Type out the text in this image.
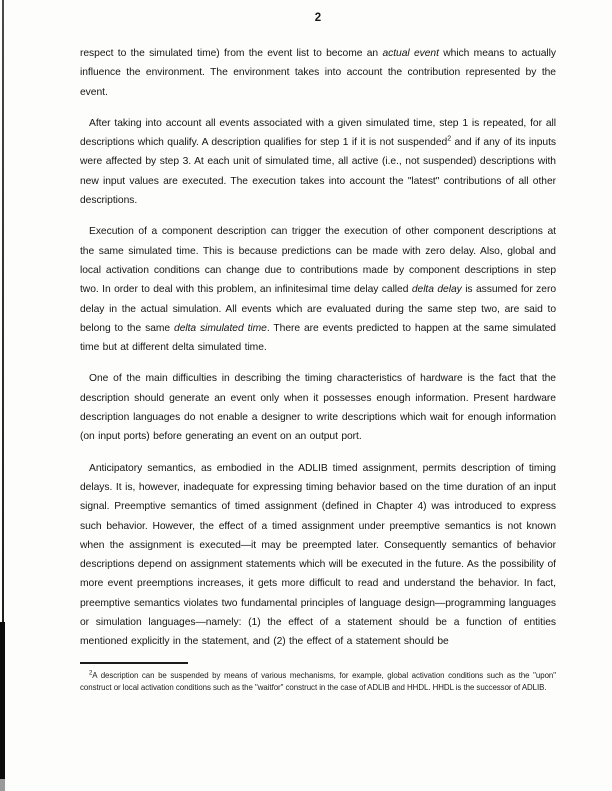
2

respect to the simulated time) from the event list to become an actual event which means to actually influence the environment. The environment takes into account the contribution represented by the event.

After taking into account all events associated with a given simulated time, step 1 is repeated, for all descriptions which qualify. A description qualifies for step 1 if it is not suspended$^2$ and if any of its inputs were affected by step 3. At each unit of simulated time, all active (i.e., not suspended) descriptions with new input values are executed. The execution takes into account the "latest" contributions of all other descriptions.

Execution of a component description can trigger the execution of other component descriptions at the same simulated time. This is because predictions can be made with zero delay. Also, global and local activation conditions can change due to contributions made by component descriptions in step two. In order to deal with this problem, an infinitesimal time delay called delta delay is assumed for zero delay in the actual simulation. All events which are evaluated during the same step two, are said to belong to the same delta simulated time. There are events predicted to happen at the same simulated time but at different delta simulated time.

One of the main difficulties in describing the timing characteristics of hardware is the fact that the description should generate an event only when it possesses enough information. Present hardware description languages do not enable a designer to write descriptions which wait for enough information (on input ports) before generating an event on an output port.

Anticipatory semantics, as embodied in the ADLIB timed assignment, permits description of timing delays. It is, however, inadequate for expressing timing behavior based on the time duration of an input signal. Preemptive semantics of timed assignment (defined in Chapter 4) was introduced to express such behavior. However, the effect of a timed assignment under preemptive semantics is not known when the assignment is executed—it may be preempted later. Consequently semantics of behavior descriptions depend on assignment statements which will be executed in the future. As the possibility of more event preemptions increases, it gets more difficult to read and understand the behavior. In fact, preemptive semantics violates two fundamental principles of language design—programming languages or simulation languages—namely: (1) the effect of a statement should be a function of entities mentioned explicitly in the statement, and (2) the effect of a statement should be

$^2$A description can be suspended by means of various mechanisms, for example, global activation conditions such as the "upon" construct or local activation conditions such as the "waitfor" construct in the case of ADLIB and HHDL. HHDL is the successor of ADLIB.
